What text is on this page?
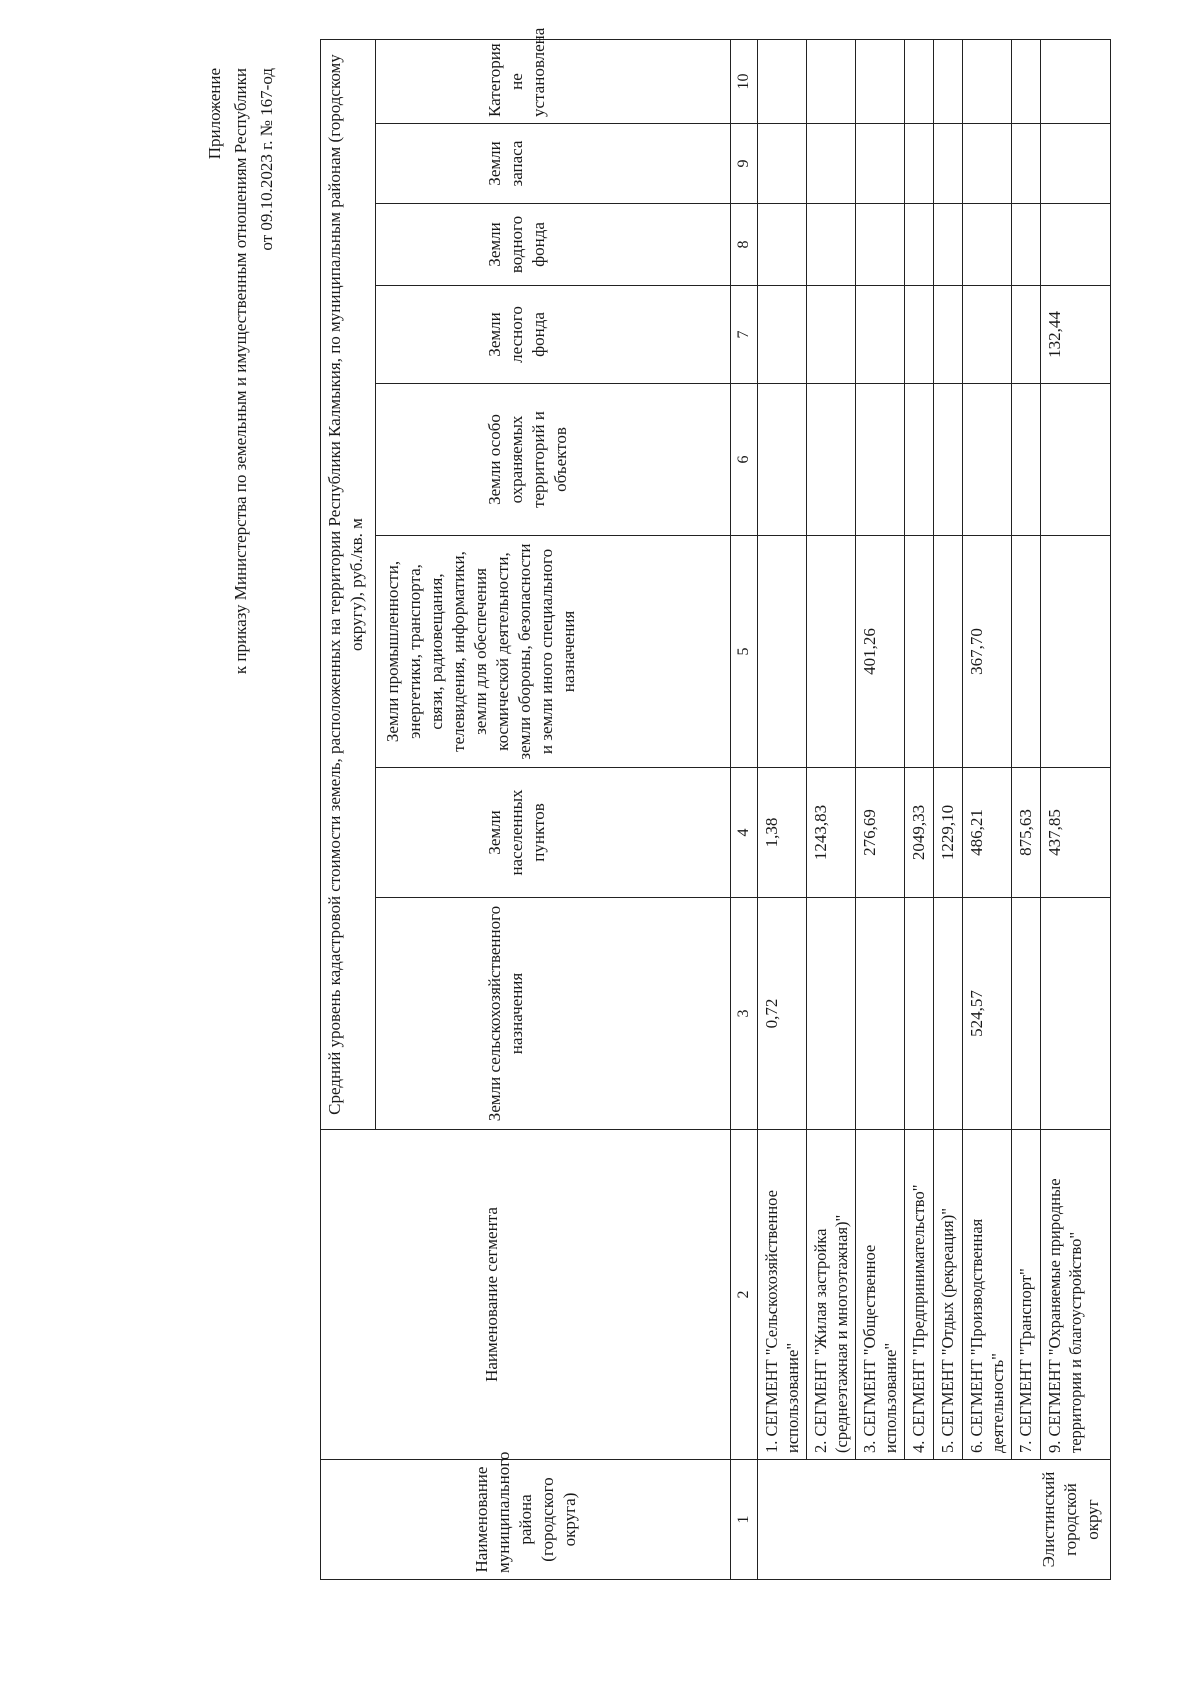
Приложение к приказу Министерства по земельным и имущественным отношениям Республики от 09.10.2023 г. № 167-од
Наименование муниципального района (городского округа)	Наименование сегмента	Средний уровень кадастровой стоимости земель, расположенных на территории Республики Калмыкия, по муниципальным районам (городскому округу), руб./кв. м							
		Земли сельскохозяйственного назначения	Земли населенных пунктов	Земли промышленности, энергетики, транспорта, связи, радиовещания, телевидения, информатики, земли для обеспечения космической деятельности, земли обороны, безопасности и земли иного специального назначения	Земли особо охраняемых территорий и объектов	Земли лесного фонда	Земли водного фонда	Земли запаса	Категория не установлена
1	2	3	4	5	6	7	8	9	10
Элистинский городской округ	1. СЕГМЕНТ "Сельскохозяйственное использование"	0,72	1,38						
	2. СЕГМЕНТ "Жилая застройка (среднеэтажная и многоэтажная)"		1243,83						
	3. СЕГМЕНТ "Общественное использование"		276,69	401,26					
	4. СЕГМЕНТ "Предпринимательство"		2049,33						
	5. СЕГМЕНТ "Отдых (рекреация)"		1229,10						
	6. СЕГМЕНТ "Производственная деятельность"	524,57	486,21	367,70					
	7. СЕГМЕНТ "Транспорт"		875,63						
	9. СЕГМЕНТ "Охраняемые природные территории и благоустройство"		437,85			132,44			
